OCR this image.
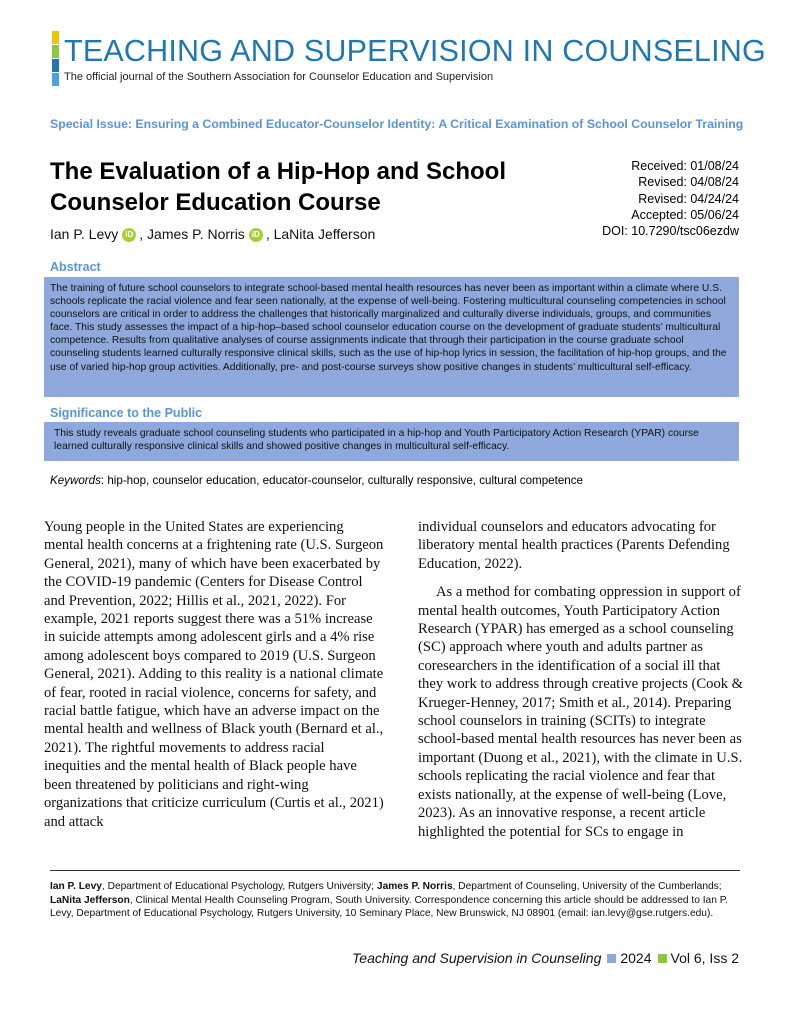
TEACHING AND SUPERVISION IN COUNSELING
The official journal of the Southern Association for Counselor Education and Supervision
Special Issue: Ensuring a Combined Educator-Counselor Identity: A Critical Examination of School Counselor Training
The Evaluation of a Hip-Hop and School Counselor Education Course
Ian P. Levy iD , James P. Norris iD , LaNita Jefferson
Received: 01/08/24
Revised: 04/08/24
Revised: 04/24/24
Accepted: 05/06/24
DOI: 10.7290/tsc06ezdw
Abstract
The training of future school counselors to integrate school-based mental health resources has never been as important within a climate where U.S. schools replicate the racial violence and fear seen nationally, at the expense of well-being. Fostering multicultural counseling competencies in school counselors are critical in order to address the challenges that historically marginalized and culturally diverse individuals, groups, and communities face. This study assesses the impact of a hip-hop–based school counselor education course on the development of graduate students’ multicultural competence. Results from qualitative analyses of course assignments indicate that through their participation in the course graduate school counseling students learned culturally responsive clinical skills, such as the use of hip-hop lyrics in session, the facilitation of hip-hop groups, and the use of varied hip-hop group activities. Additionally, pre- and post-course surveys show positive changes in students’ multicultural self-efficacy.
Significance to the Public
This study reveals graduate school counseling students who participated in a hip-hop and Youth Participatory Action Research (YPAR) course learned culturally responsive clinical skills and showed positive changes in multicultural self-efficacy.
Keywords: hip-hop, counselor education, educator-counselor, culturally responsive, cultural competence

Young people in the United States are experiencing mental health concerns at a frightening rate (U.S. Surgeon General, 2021), many of which have been exacerbated by the COVID-19 pandemic (Centers for Disease Control and Prevention, 2022; Hillis et al., 2021, 2022). For example, 2021 reports suggest there was a 51% increase in suicide attempts among adolescent girls and a 4% rise among adolescent boys compared to 2019 (U.S. Surgeon General, 2021). Adding to this reality is a national climate of fear, rooted in racial violence, concerns for safety, and racial battle fatigue, which have an adverse impact on the mental health and wellness of Black youth (Bernard et al., 2021). The rightful movements to address racial inequities and the mental health of Black people have been threatened by politicians and right-wing organizations that criticize curriculum (Curtis et al., 2021) and attack

individual counselors and educators advocating for liberatory mental health practices (Parents Defending Education, 2022).

As a method for combating oppression in support of mental health outcomes, Youth Participatory Action Research (YPAR) has emerged as a school counseling (SC) approach where youth and adults partner as coresearchers in the identification of a social ill that they work to address through creative projects (Cook & Krueger-Henney, 2017; Smith et al., 2014). Preparing school counselors in training (SCITs) to integrate school-based mental health resources has never been as important (Duong et al., 2021), with the climate in U.S. schools replicating the racial violence and fear that exists nationally, at the expense of well-being (Love, 2023). As an innovative response, a recent article highlighted the potential for SCs to engage in

Ian P. Levy, Department of Educational Psychology, Rutgers University; James P. Norris, Department of Counseling, University of the Cumberlands; LaNita Jefferson, Clinical Mental Health Counseling Program, South University. Correspondence concerning this article should be addressed to Ian P. Levy, Department of Educational Psychology, Rutgers University, 10 Seminary Place, New Brunswick, NJ 08901 (email: ian.levy@gse.rutgers.edu).
Teaching and Supervision in Counseling 2024 Vol 6, Iss 2
